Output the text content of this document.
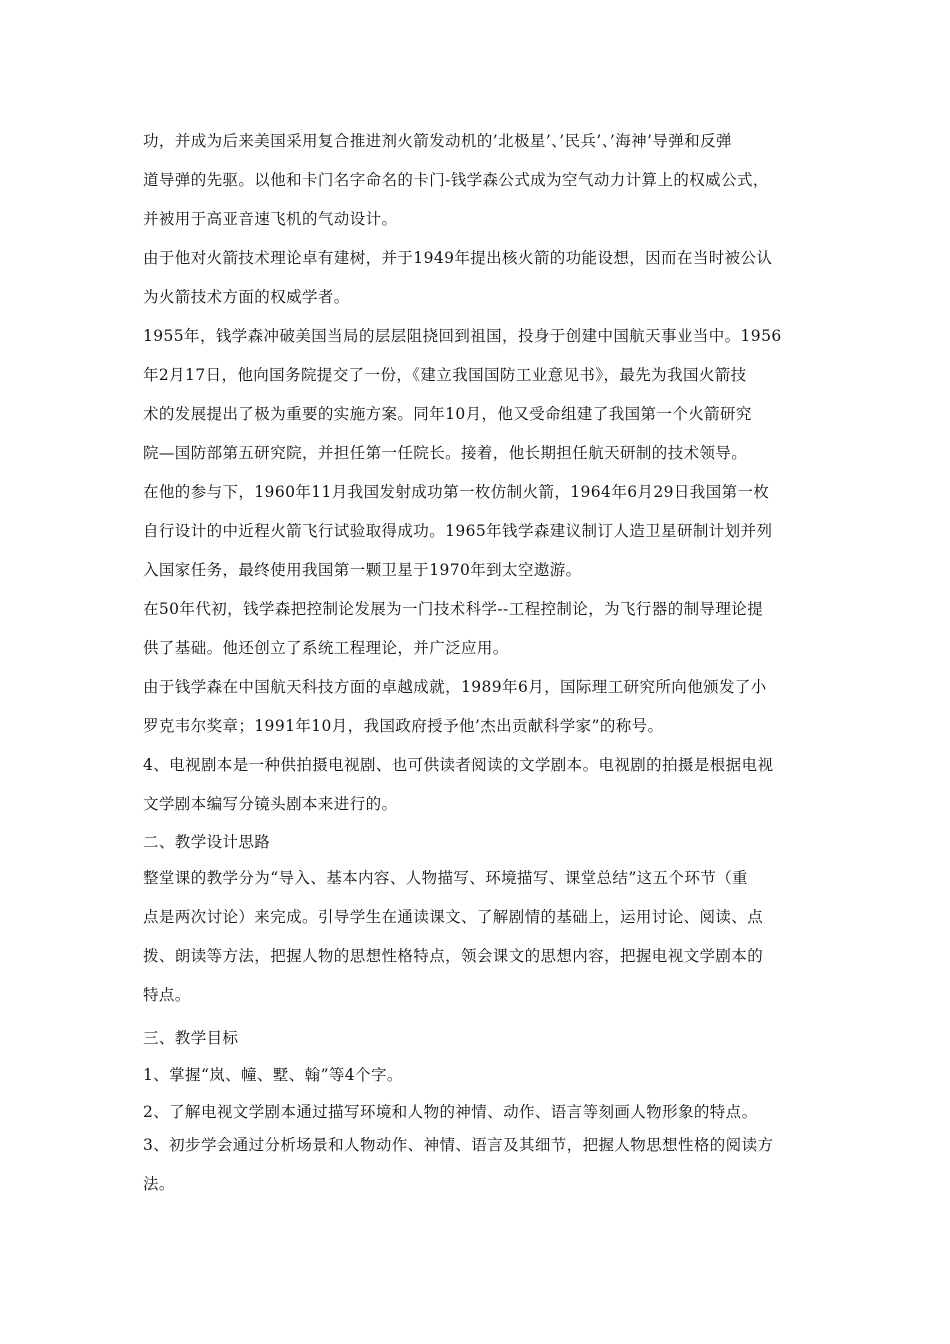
功，并成为后来美国采用复合推进剂火箭发动机的’北极星’、’民兵’、’海神’导弹和反弹
道导弹的先驱。以他和卡门名字命名的卡门-钱学森公式成为空气动力计算上的权威公式，
并被用于高亚音速飞机的气动设计。
由于他对火箭技术理论卓有建树，并于1949年提出核火箭的功能设想，因而在当时被公认
为火箭技术方面的权威学者。
1955年，钱学森冲破美国当局的层层阻挠回到祖国，投身于创建中国航天事业当中。1956
年2月17日，他向国务院提交了一份，《建立我国国防工业意见书》，最先为我国火箭技
术的发展提出了极为重要的实施方案。同年10月，他又受命组建了我国第一个火箭研究
院—国防部第五研究院，并担任第一任院长。接着，他长期担任航天研制的技术领导。
在他的参与下，1960年11月我国发射成功第一枚仿制火箭，1964年6月29日我国第一枚
自行设计的中近程火箭飞行试验取得成功。1965年钱学森建议制订人造卫星研制计划并列
入国家任务，最终使用我国第一颗卫星于1970年到太空遨游。
在50年代初，钱学森把控制论发展为一门技术科学--工程控制论，为飞行器的制导理论提
供了基础。他还创立了系统工程理论，并广泛应用。
由于钱学森在中国航天科技方面的卓越成就，1989年6月，国际理工研究所向他颁发了小
罗克韦尔奖章；1991年10月，我国政府授予他’杰出贡献科学家”的称号。
4、电视剧本是一种供拍摄电视剧、也可供读者阅读的文学剧本。电视剧的拍摄是根据电视
文学剧本编写分镜头剧本来进行的。
二、教学设计思路
整堂课的教学分为“导入、基本内容、人物描写、环境描写、课堂总结”这五个环节（重
点是两次讨论）来完成。引导学生在通读课文、了解剧情的基础上，运用讨论、阅读、点
拨、朗读等方法，把握人物的思想性格特点，领会课文的思想内容，把握电视文学剧本的
特点。
三、教学目标
1、掌握“岚、幢、墅、翰”等4个字。
2、了解电视文学剧本通过描写环境和人物的神情、动作、语言等刻画人物形象的特点。
3、初步学会通过分析场景和人物动作、神情、语言及其细节，把握人物思想性格的阅读方
法。
